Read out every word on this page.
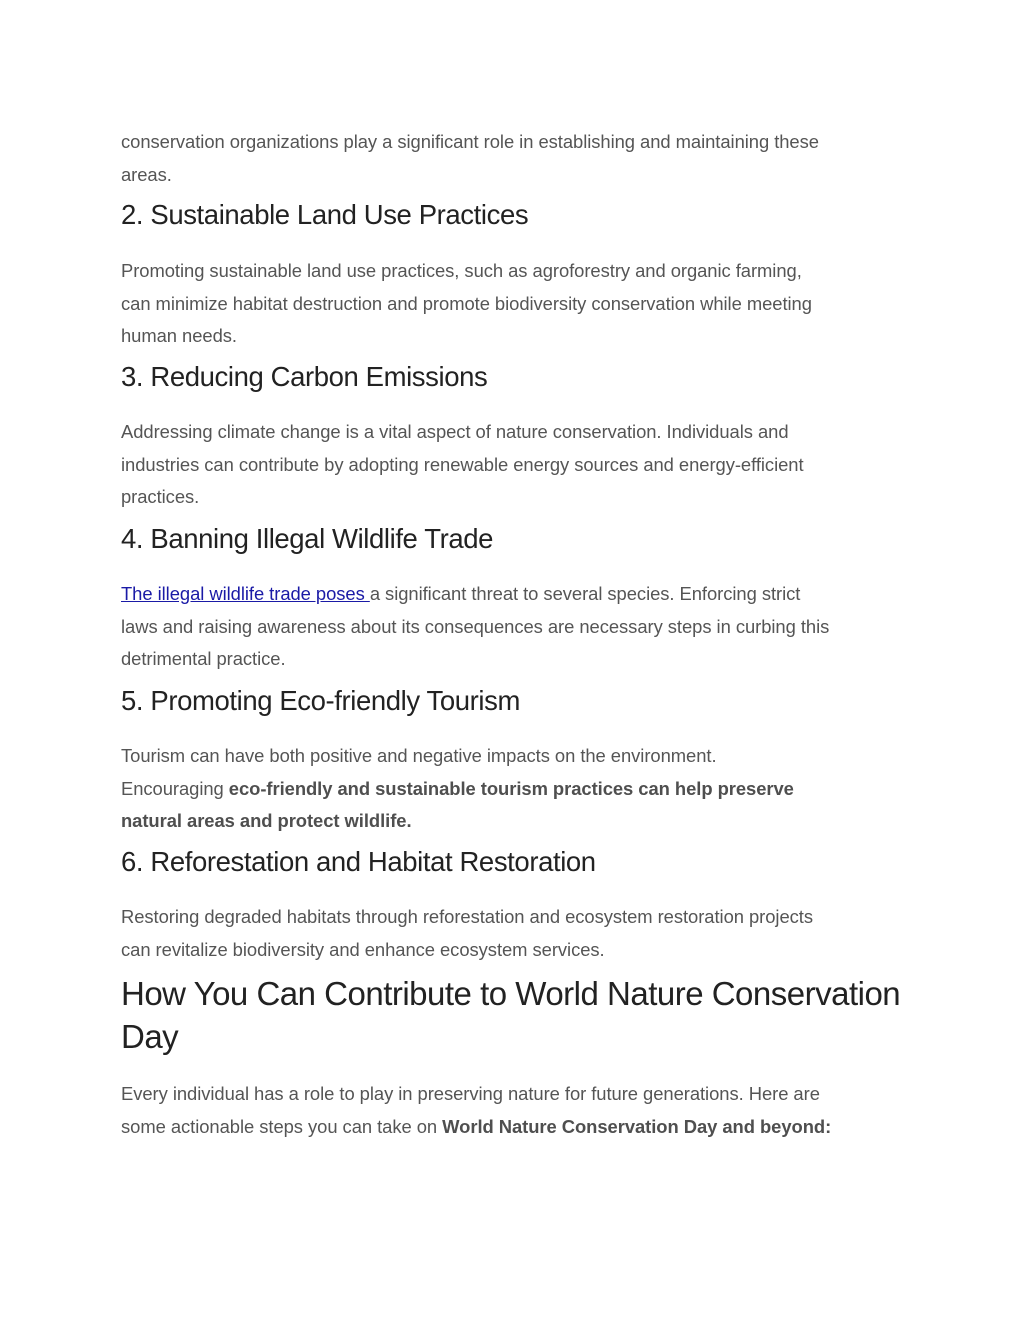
conservation organizations play a significant role in establishing and maintaining these
areas.

2. Sustainable Land Use Practices

Promoting sustainable land use practices, such as agroforestry and organic farming,
can minimize habitat destruction and promote biodiversity conservation while meeting
human needs.

3. Reducing Carbon Emissions

Addressing climate change is a vital aspect of nature conservation. Individuals and
industries can contribute by adopting renewable energy sources and energy-efficient
practices.

4. Banning Illegal Wildlife Trade

The illegal wildlife trade poses a significant threat to several species. Enforcing strict
laws and raising awareness about its consequences are necessary steps in curbing this
detrimental practice.

5. Promoting Eco-friendly Tourism

Tourism can have both positive and negative impacts on the environment.
Encouraging eco-friendly and sustainable tourism practices can help preserve
natural areas and protect wildlife.

6. Reforestation and Habitat Restoration

Restoring degraded habitats through reforestation and ecosystem restoration projects
can revitalize biodiversity and enhance ecosystem services.

How You Can Contribute to World Nature Conservation
Day

Every individual has a role to play in preserving nature for future generations. Here are
some actionable steps you can take on World Nature Conservation Day and beyond:
